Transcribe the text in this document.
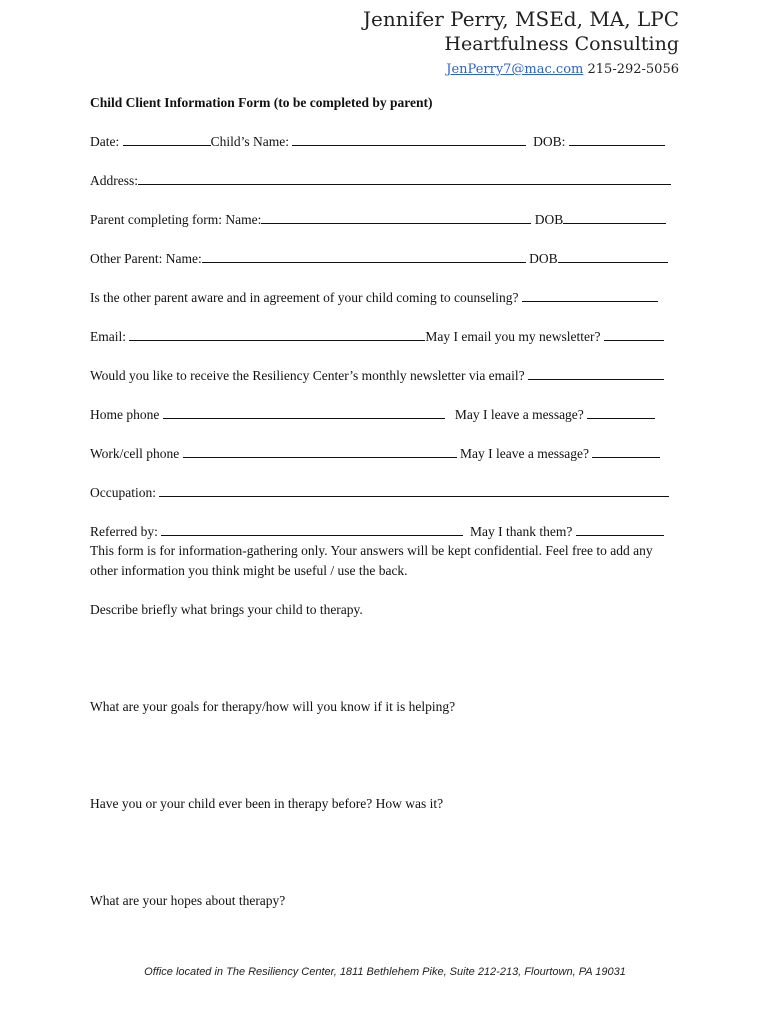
Jennifer Perry, MSEd, MA, LPC
Heartfulness Consulting
JenPerry7@mac.com 215-292-5056
Child Client Information Form (to be completed by parent)
Date:	Child’s Name:	DOB:
Address:
Parent completing form: Name:	DOB
Other Parent: Name:	DOB
Is the other parent aware and in agreement of your child coming to counseling?
Email:	May I email you my newsletter?
Would you like to receive the Resiliency Center’s monthly newsletter via email?
Home phone	May I leave a message?
Work/cell phone	May I leave a message?
Occupation:
Referred by:	May I thank them?
This form is for information-gathering only. Your answers will be kept confidential. Feel free to add any other information you think might be useful / use the back.
Describe briefly what brings your child to therapy.
What are your goals for therapy/how will you know if it is helping?
Have you or your child ever been in therapy before? How was it?
What are your hopes about therapy?
Office located in The Resiliency Center, 1811 Bethlehem Pike, Suite 212-213, Flourtown, PA 19031
